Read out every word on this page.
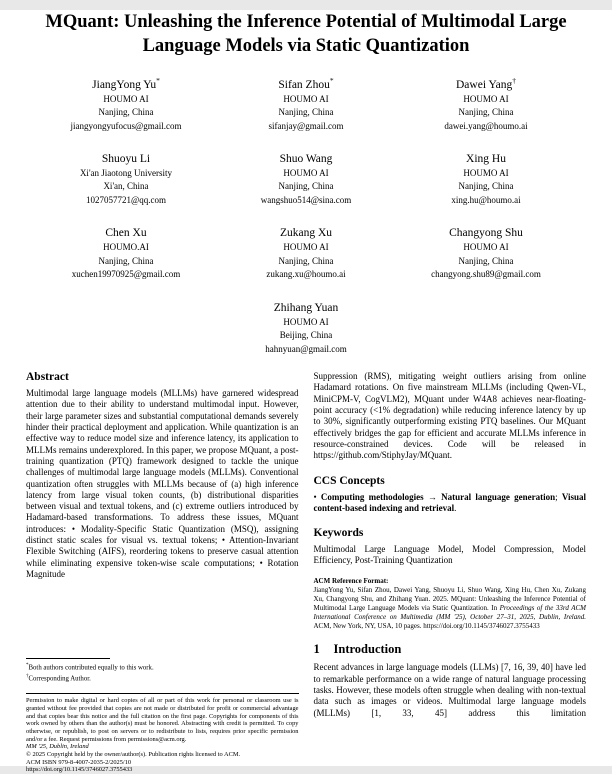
MQuant: Unleashing the Inference Potential of Multimodal Large
Language Models via Static Quantization
JiangYong Yu*
HOUMO AI
Nanjing, China
jiangyongyufocus@gmail.com
Sifan Zhou*
HOUMO AI
Nanjing, China
sifanjay@gmail.com
Dawei Yang†
HOUMO AI
Nanjing, China
dawei.yang@houmo.ai
Shuoyu Li
Xi'an Jiaotong University
Xi'an, China
1027057721@qq.com
Shuo Wang
HOUMO AI
Nanjing, China
wangshuo514@sina.com
Xing Hu
HOUMO AI
Nanjing, China
xing.hu@houmo.ai
Chen Xu
HOUMO.AI
Nanjing, China
xuchen19970925@gmail.com
Zukang Xu
HOUMO AI
Nanjing, China
zukang.xu@houmo.ai
Changyong Shu
HOUMO AI
Nanjing, China
changyong.shu89@gmail.com
Zhihang Yuan
HOUMO AI
Beijing, China
hahnyuan@gmail.com
Abstract

Multimodal large language models (MLLMs) have garnered widespread attention due to their ability to understand multimodal input. However, their large parameter sizes and substantial computational demands severely hinder their practical deployment and application. While quantization is an effective way to reduce model size and inference latency, its application to MLLMs remains underexplored. In this paper, we propose MQuant, a post-training quantization (PTQ) framework designed to tackle the unique challenges of multimodal large language models (MLLMs). Conventional quantization often struggles with MLLMs because of (a) high inference latency from large visual token counts, (b) distributional disparities between visual and textual tokens, and (c) extreme outliers introduced by Hadamard-based transformations. To address these issues, MQuant introduces: • Modality-Specific Static Quantization (MSQ), assigning distinct static scales for visual vs. textual tokens; • Attention-Invariant Flexible Switching (AIFS), reordering tokens to preserve casual attention while eliminating expensive token-wise scale computations; • Rotation Magnitude

*Both authors contributed equally to this work.
†Corresponding Author.

Permission to make digital or hard copies of all or part of this work for personal or classroom use is granted without fee provided that copies are not made or distributed for profit or commercial advantage and that copies bear this notice and the full citation on the first page. Copyrights for components of this work owned by others than the author(s) must be honored. Abstracting with credit is permitted. To copy otherwise, or republish, to post on servers or to redistribute to lists, requires prior specific permission and/or a fee. Request permissions from permissions@acm.org.

MM '25, Dublin, Ireland

© 2025 Copyright held by the owner/author(s). Publication rights licensed to ACM.

ACM ISBN 979-8-4007-2035-2/2025/10

https://doi.org/10.1145/3746027.3755433

Suppression (RMS), mitigating weight outliers arising from online Hadamard rotations. On five mainstream MLLMs (including Qwen-VL, MiniCPM-V, CogVLM2), MQuant under W4A8 achieves near-floating-point accuracy (<1% degradation) while reducing inference latency by up to 30%, significantly outperforming existing PTQ baselines. Our MQuant effectively bridges the gap for efficient and accurate MLLMs inference in resource-constrained devices. Code will be released in https://github.com/StiphyJay/MQuant.

CCS Concepts

• Computing methodologies → Natural language generation; Visual content-based indexing and retrieval.

Keywords

Multimodal Large Language Model, Model Compression, Model Efficiency, Post-Training Quantization

ACM Reference Format:

JiangYong Yu, Sifan Zhou, Dawei Yang, Shuoyu Li, Shuo Wang, Xing Hu, Chen Xu, Zukang Xu, Changyong Shu, and Zhihang Yuan. 2025. MQuant: Unleashing the Inference Potential of Multimodal Large Language Models via Static Quantization. In Proceedings of the 33rd ACM International Conference on Multimedia (MM '25), October 27–31, 2025, Dublin, Ireland. ACM, New York, NY, USA, 10 pages. https://doi.org/10.1145/3746027.3755433

1 Introduction

Recent advances in large language models (LLMs) [7, 16, 39, 40] have led to remarkable performance on a wide range of natural language processing tasks. However, these models often struggle when dealing with non-textual data such as images or videos. Multimodal large language models (MLLMs) [1, 33, 45] address this limitation
